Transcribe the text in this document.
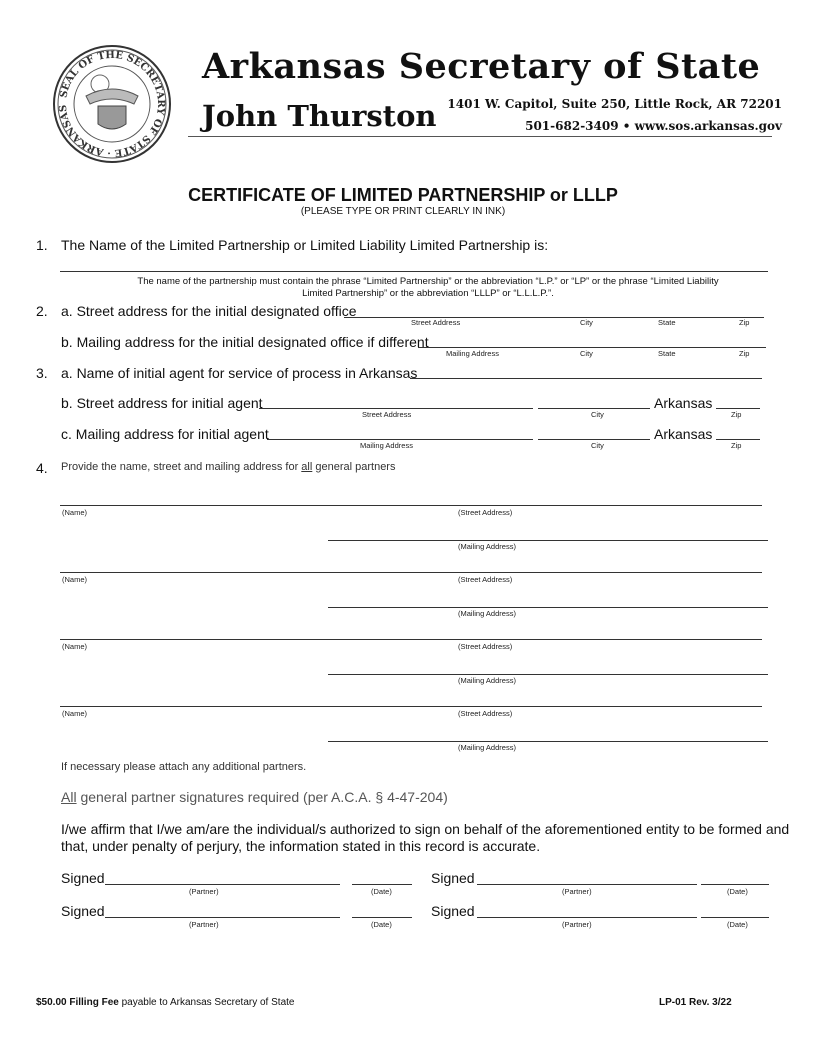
SEAL OF THE SECRETARY OF STATE · ARKANSAS
Arkansas Secretary of State
John Thurston 1401 W. Capitol, Suite 250, Little Rock, AR 72201
501-682-3409 • www.sos.arkansas.gov
CERTIFICATE OF LIMITED PARTNERSHIP or LLLP
(PLEASE TYPE OR PRINT CLEARLY IN INK)
1. The Name of the Limited Partnership or Limited Liability Limited Partnership is:
The name of the partnership must contain the phrase “Limited Partnership” or the abbreviation “L.P.” or “LP” or the phrase “Limited Liability
Limited Partnership” or the abbreviation “LLLP” or “L.L.L.P.”.
2. a. Street address for the initial designated office
Street Address	City	State	Zip
b. Mailing address for the initial designated office if different
Mailing Address	City	State	Zip
3. a. Name of initial agent for service of process in Arkansas
b. Street address for initial agent	Arkansas
Street Address	City	Zip
c. Mailing address for initial agent	Arkansas
Mailing Address	City	Zip
4. Provide the name, street and mailing address for all general partners
(Name)	(Street Address)
(Mailing Address)
(Name)	(Street Address)
(Mailing Address)
(Name)	(Street Address)
(Mailing Address)
(Name)	(Street Address)
(Mailing Address)
If necessary please attach any additional partners.
All general partner signatures required (per A.C.A. § 4-47-204)
I/we affirm that I/we am/are the individual/s authorized to sign on behalf of the aforementioned entity to be formed and
that, under penalty of perjury, the information stated in this record is accurate.
Signed
(Partner)	(Date)
Signed
(Partner)	(Date)
Signed
(Partner)	(Date)
Signed
(Partner)	(Date)
$50.00 Filling Fee payable to Arkansas Secretary of State	LP-01 Rev. 3/22
